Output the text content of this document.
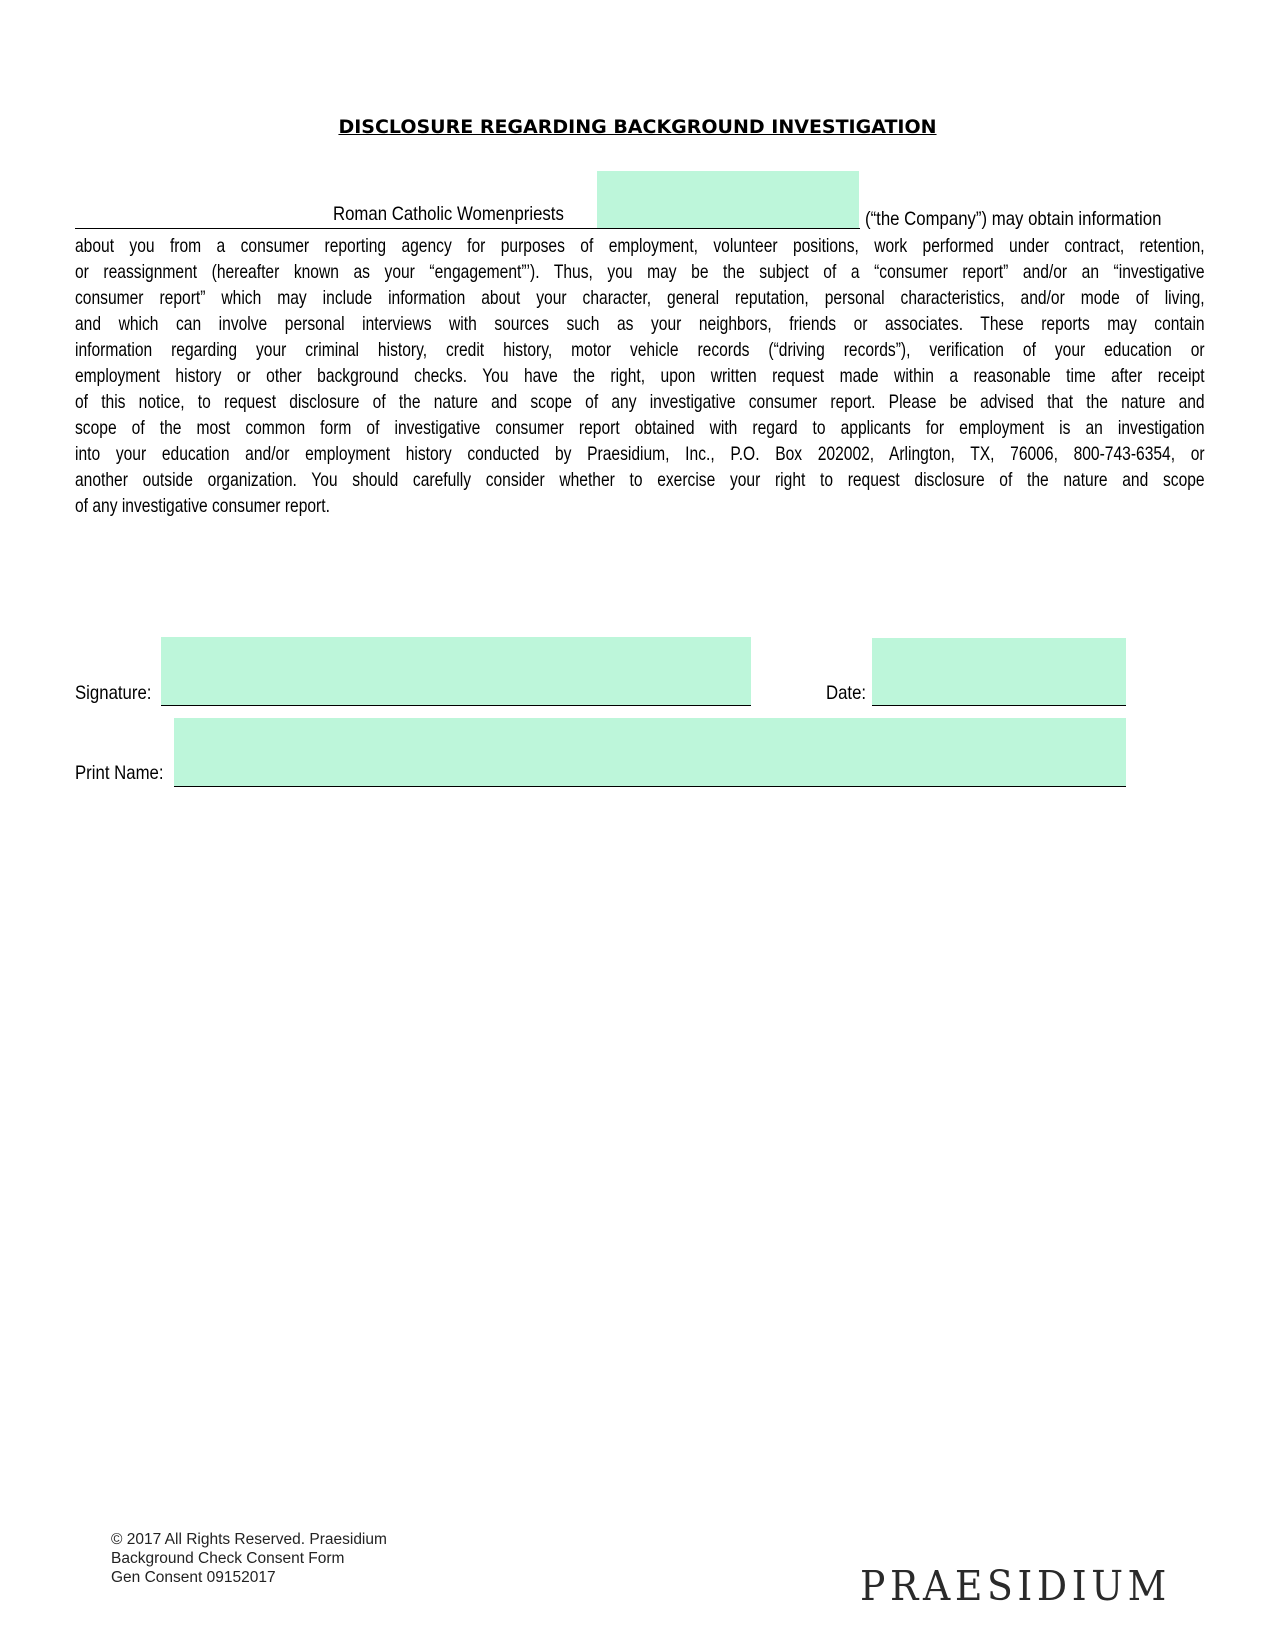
DISCLOSURE REGARDING BACKGROUND INVESTIGATION
Roman Catholic Womenpriests	(“the Company”) may obtain information
about you from a consumer reporting agency for purposes of employment, volunteer positions, work performed under contract, retention,
or reassignment (hereafter known as your “engagement”’). Thus, you may be the subject of a “consumer report” and/or an “investigative
consumer report” which may include information about your character, general reputation, personal characteristics, and/or mode of living,
and which can involve personal interviews with sources such as your neighbors, friends or associates. These reports may contain
information regarding your criminal history, credit history, motor vehicle records (“driving records”), verification of your education or
employment history or other background checks. You have the right, upon written request made within a reasonable time after receipt
of this notice, to request disclosure of the nature and scope of any investigative consumer report. Please be advised that the nature and
scope of the most common form of investigative consumer report obtained with regard to applicants for employment is an investigation
into your education and/or employment history conducted by Praesidium, Inc., P.O. Box 202002, Arlington, TX, 76006, 800-743-6354, or
another outside organization. You should carefully consider whether to exercise your right to request disclosure of the nature and scope
of any investigative consumer report.
Signature:	Date:
Print Name:
© 2017 All Rights Reserved. Praesidium
Background Check Consent Form
Gen Consent 09152017	PRAESIDIUM
